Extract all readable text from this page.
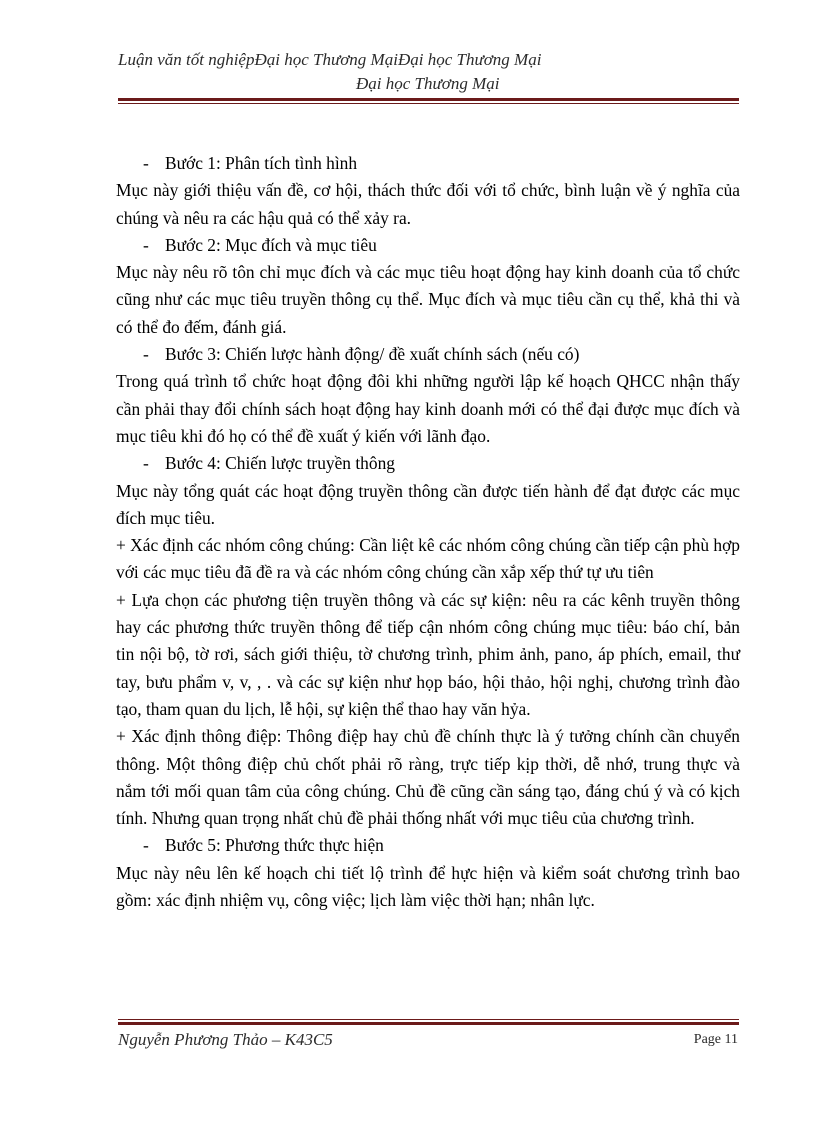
Luận văn tốt nghiệpĐại học Thương MạiĐại học Thương Mại
Đại học Thương Mại

- Bước 1: Phân tích tình hình

Mục này giới thiệu vấn đề, cơ hội, thách thức đối với tổ chức, bình luận về ý nghĩa của chúng và nêu ra các hậu quả có thể xảy ra.

- Bước 2: Mục đích và mục tiêu

Mục này nêu rõ tôn chỉ mục đích và các mục tiêu hoạt động hay kinh doanh của tổ chức cũng như các mục tiêu truyền thông cụ thể. Mục đích và mục tiêu cần cụ thể, khả thi và có thể đo đếm, đánh giá.

- Bước 3: Chiến lược hành động/ đề xuất chính sách (nếu có)

Trong quá trình tổ chức hoạt động đôi khi những người lập kế hoạch QHCC nhận thấy cần phải thay đổi chính sách hoạt động hay kinh doanh mới có thể đại được mục đích và mục tiêu khi đó họ có thể đề xuất ý kiến với lãnh đạo.

- Bước 4: Chiến lược truyền thông

Mục này tổng quát các hoạt động truyền thông cần được tiến hành để đạt được các mục đích mục tiêu.

+ Xác định các nhóm công chúng: Cần liệt kê các nhóm công chúng cần tiếp cận phù hợp với các mục tiêu đã đề ra và các nhóm công chúng cần xắp xếp thứ tự ưu tiên

+ Lựa chọn các phương tiện truyền thông và các sự kiện: nêu ra các kênh truyền thông hay các phương thức truyền thông để tiếp cận nhóm công chúng mục tiêu: báo chí, bản tin nội bộ, tờ rơi, sách giới thiệu, tờ chương trình, phim ảnh, pano, áp phích, email, thư tay, bưu phẩm v, v, , . và các sự kiện như họp báo, hội thảo, hội nghị, chương trình đào tạo, tham quan du lịch, lễ hội, sự kiện thể thao hay văn hỷa.

+ Xác định thông điệp: Thông điệp hay chủ đề chính thực là ý tưởng chính cần chuyển thông. Một thông điệp chủ chốt phải rõ ràng, trực tiếp kịp thời, dễ nhớ, trung thực và nắm tới mối quan tâm của công chúng. Chủ đề cũng cần sáng tạo, đáng chú ý và có kịch tính. Nhưng quan trọng nhất chủ đề phải thống nhất với mục tiêu của chương trình.

- Bước 5: Phương thức thực hiện

Mục này nêu lên kế hoạch chi tiết lộ trình để hực hiện và kiểm soát chương trình bao gồm: xác định nhiệm vụ, công việc; lịch làm việc thời hạn; nhân lực.

Nguyễn Phương Thảo – K43C5	Page 11
